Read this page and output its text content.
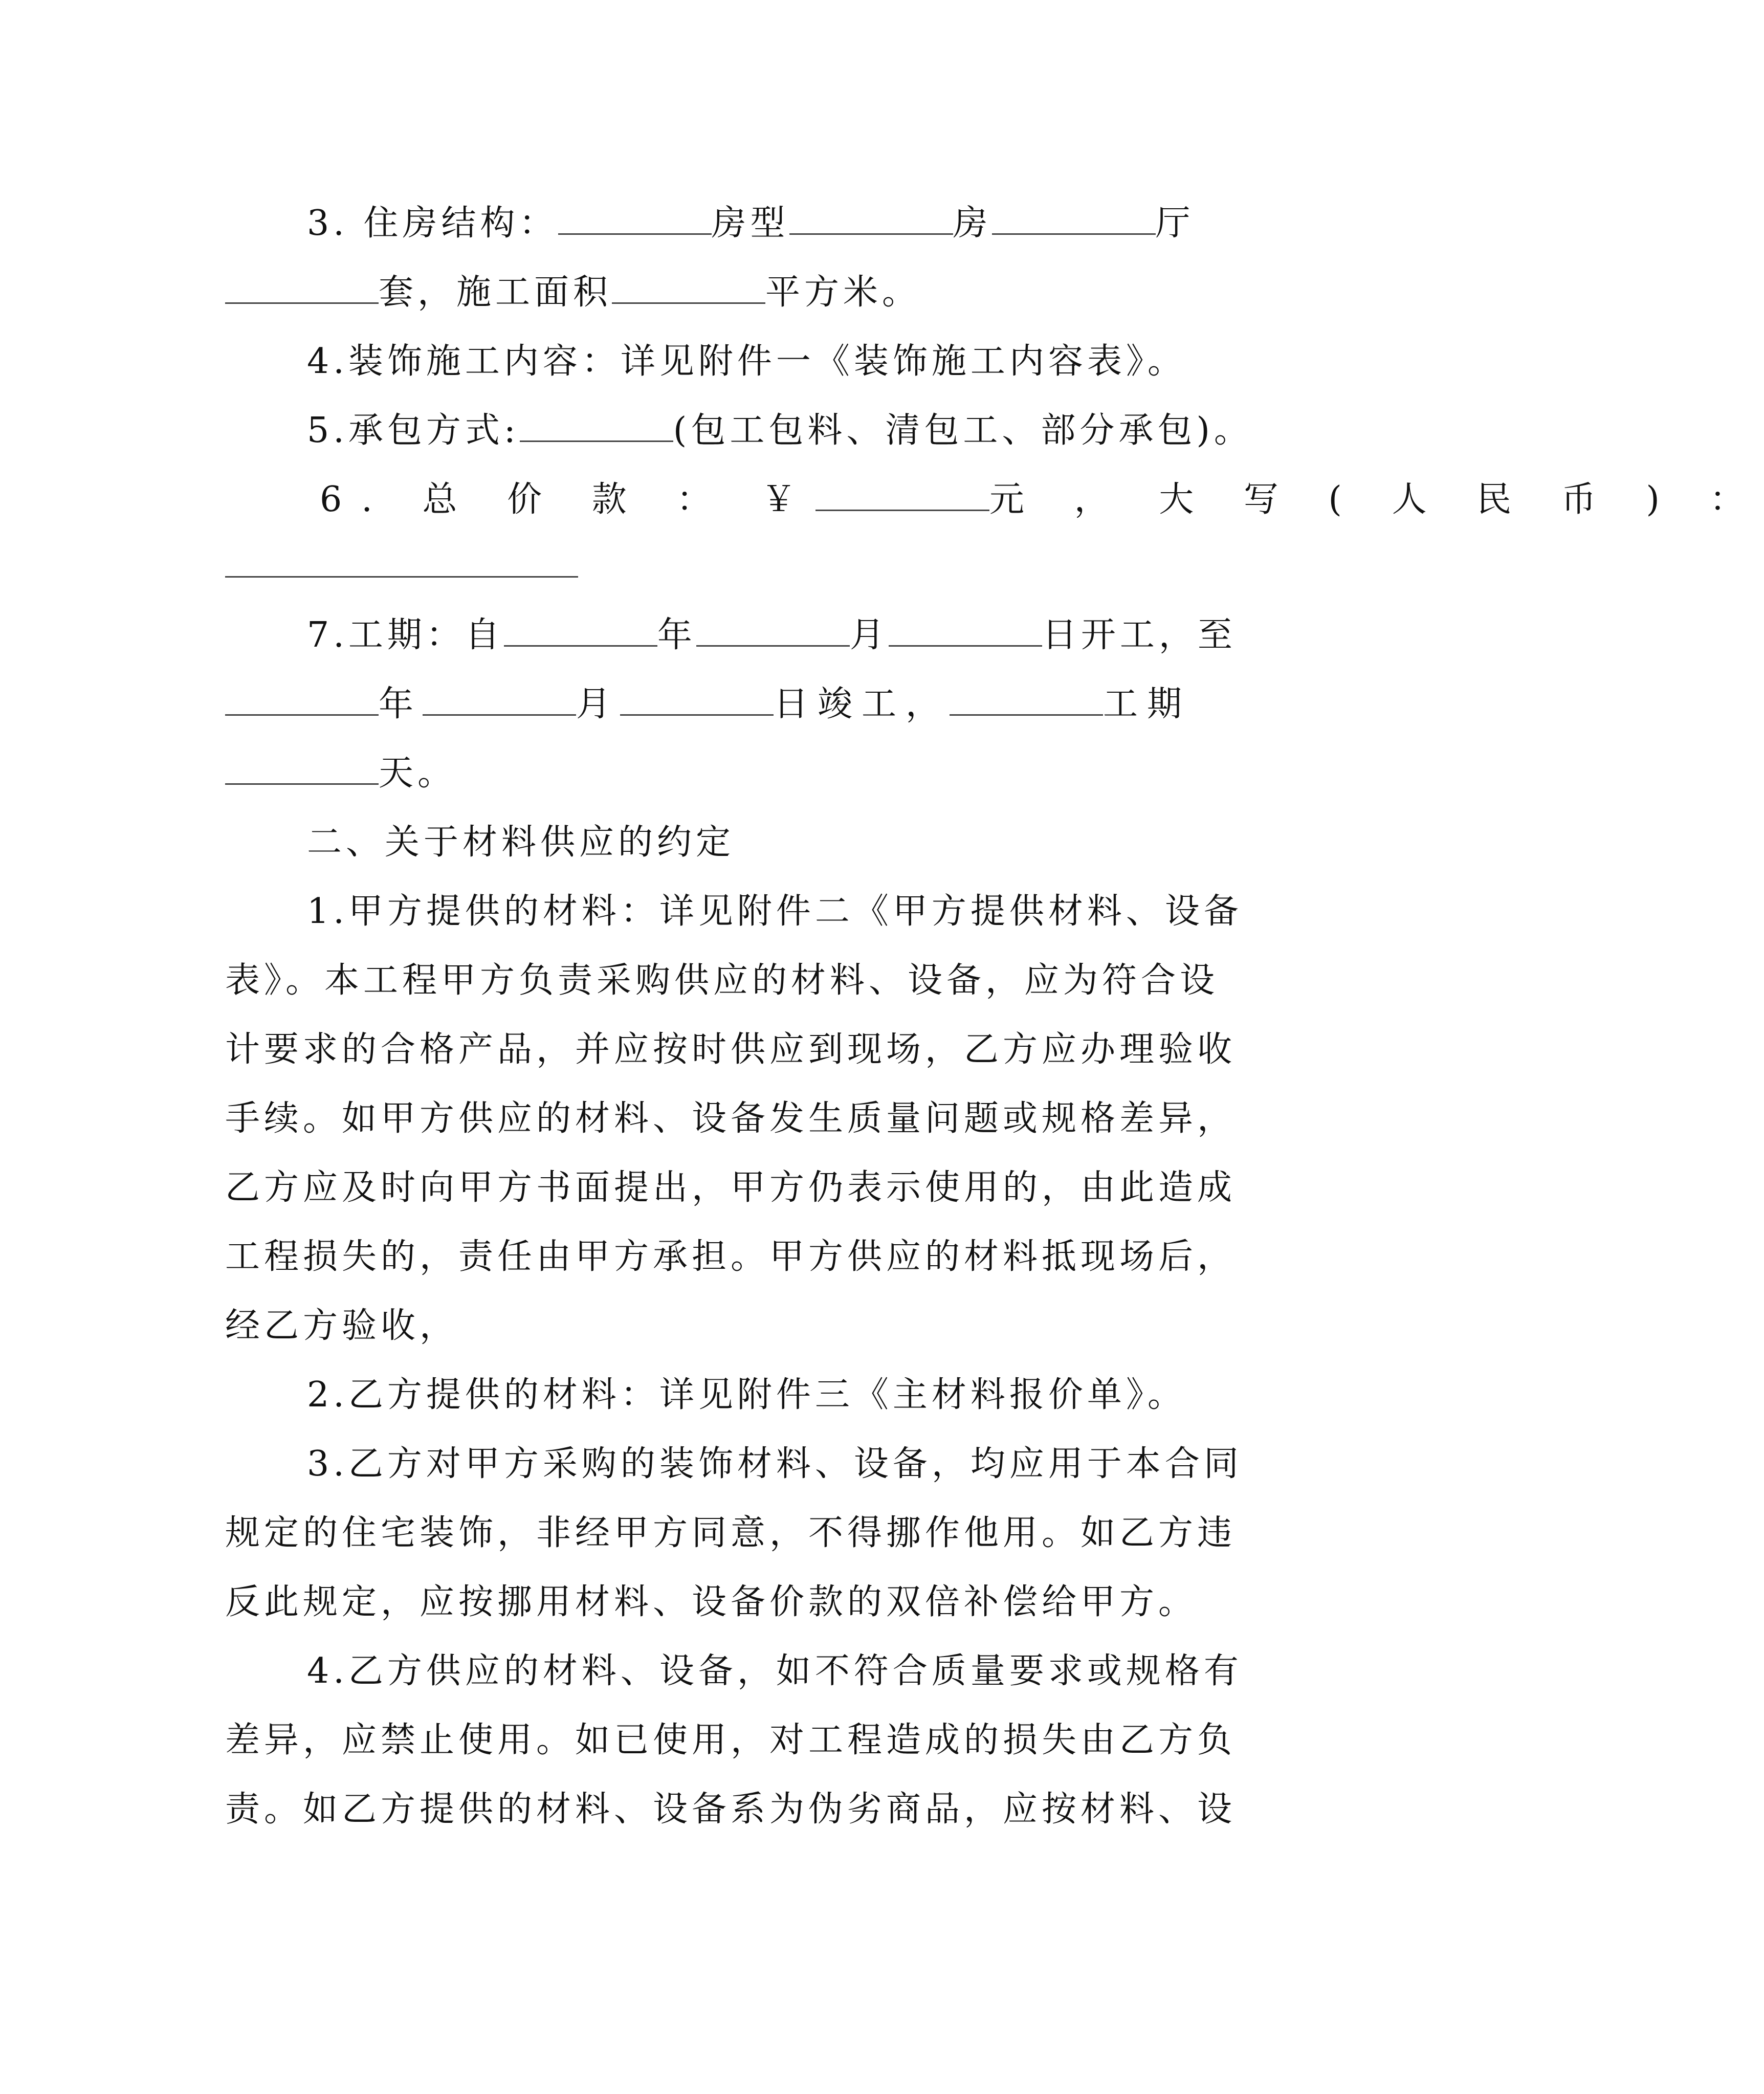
3. 住房结构：	房型	房	厅
套，施工面积	平方米。
4.装饰施工内容：详见附件一《装饰施工内容表》。
5.承包方式:	(包工包料、清包工、部分承包)。
6. 总 价 款 ： ￥	元 ， 大 写 ( 人 民 币 ) ：
7.工期：自	年	月	日开工，至
年	月	日竣工，	工期
天。
二、关于材料供应的约定
1.甲方提供的材料：详见附件二《甲方提供材料、设备
表》。本工程甲方负责采购供应的材料、设备，应为符合设
计要求的合格产品，并应按时供应到现场，乙方应办理验收
手续。如甲方供应的材料、设备发生质量问题或规格差异，
乙方应及时向甲方书面提出，甲方仍表示使用的，由此造成
工程损失的，责任由甲方承担。甲方供应的材料抵现场后，
经乙方验收，
2.乙方提供的材料：详见附件三《主材料报价单》。
3.乙方对甲方采购的装饰材料、设备，均应用于本合同
规定的住宅装饰，非经甲方同意，不得挪作他用。如乙方违
反此规定，应按挪用材料、设备价款的双倍补偿给甲方。
4.乙方供应的材料、设备，如不符合质量要求或规格有
差异，应禁止使用。如已使用，对工程造成的损失由乙方负
责。如乙方提供的材料、设备系为伪劣商品，应按材料、设
